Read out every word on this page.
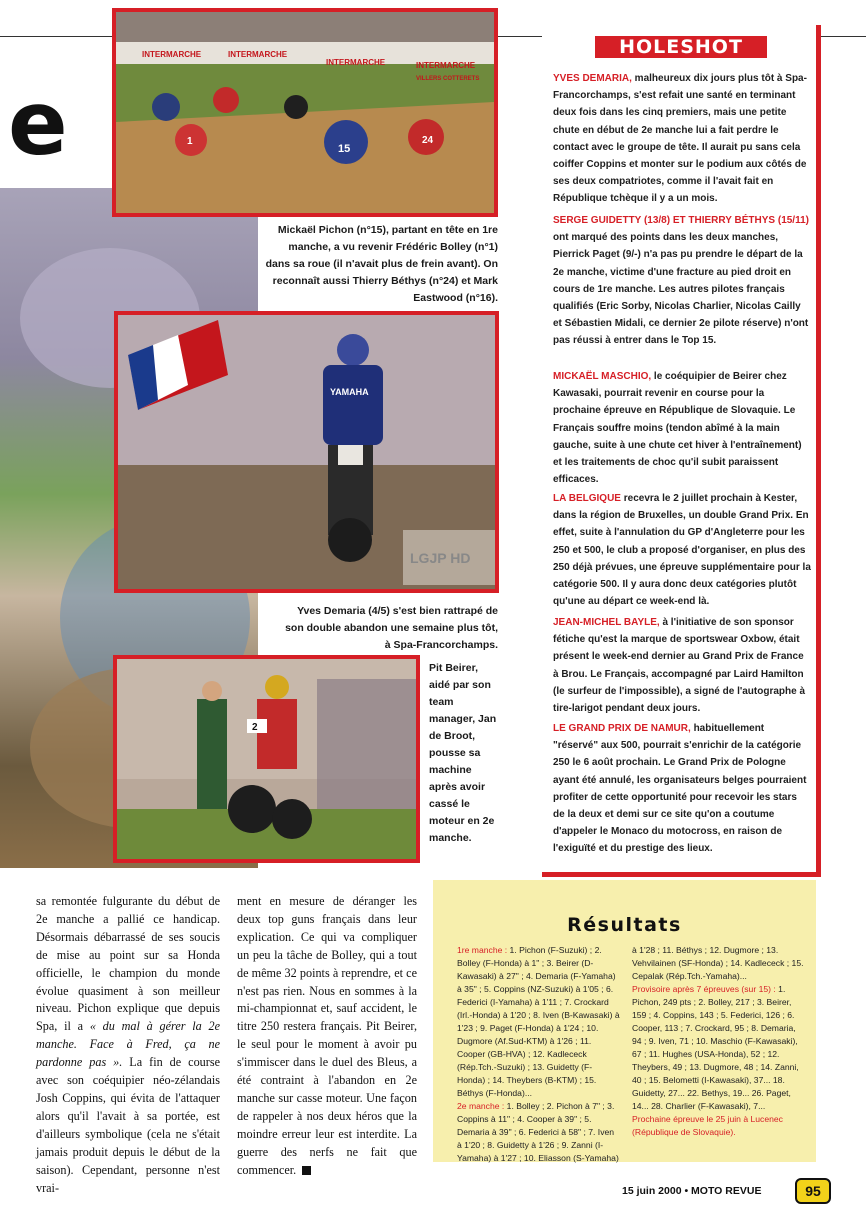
e
INTERMARCHE	INTERMARCHE
INTERMARCHE	INTERMARCHE
VILLERS COTTERETS
15
24
1
Mickaël Pichon (n°15), partant en tête en 1re manche, a vu revenir Frédéric Bolley (n°1) dans sa roue (il n'avait plus de frein avant). On reconnaît aussi Thierry Béthys (n°24) et Mark Eastwood (n°16).
YAMAHA
LGJP HD
Yves Demaria (4/5) s'est bien rattrapé de son double abandon une semaine plus tôt, à Spa-Francorchamps.
2
Pit Beirer, aidé par son team manager, Jan de Broot, pousse sa machine après avoir cassé le moteur en 2e manche.
HOLESHOT
YVES DEMARIA, malheureux dix jours plus tôt à Spa-Francorchamps, s'est refait une santé en terminant deux fois dans les cinq premiers, mais une petite chute en début de 2e manche lui a fait perdre le contact avec le groupe de tête. Il aurait pu sans cela coiffer Coppins et monter sur le podium aux côtés de ses deux compatriotes, comme il l'avait fait en République tchèque il y a un mois.
SERGE GUIDETTY (13/8) ET THIERRY BÉTHYS (15/11) ont marqué des points dans les deux manches, Pierrick Paget (9/-) n'a pas pu prendre le départ de la 2e manche, victime d'une fracture au pied droit en cours de 1re manche. Les autres pilotes français qualifiés (Eric Sorby, Nicolas Charlier, Nicolas Cailly et Sébastien Midali, ce dernier 2e pilote réserve) n'ont pas réussi à entrer dans le Top 15.
MICKAËL MASCHIO, le coéquipier de Beirer chez Kawasaki, pourrait revenir en course pour la prochaine épreuve en République de Slovaquie. Le Français souffre moins (tendon abîmé à la main gauche, suite à une chute cet hiver à l'entraînement) et les traitements de choc qu'il subit paraissent efficaces.
LA BELGIQUE recevra le 2 juillet prochain à Kester, dans la région de Bruxelles, un double Grand Prix. En effet, suite à l'annulation du GP d'Angleterre pour les 250 et 500, le club a proposé d'organiser, en plus des 250 déjà prévues, une épreuve supplémentaire pour la catégorie 500. Il y aura donc deux catégories plutôt qu'une au départ ce week-end là.
JEAN-MICHEL BAYLE, à l'initiative de son sponsor fétiche qu'est la marque de sportswear Oxbow, était présent le week-end dernier au Grand Prix de France à Brou. Le Français, accompagné par Laird Hamilton (le surfeur de l'impossible), a signé de l'autographe à tire-larigot pendant deux jours.
LE GRAND PRIX DE NAMUR, habituellement "réservé" aux 500, pourrait s'enrichir de la catégorie 250 le 6 août prochain. Le Grand Prix de Pologne ayant été annulé, les organisateurs belges pourraient profiter de cette opportunité pour recevoir les stars de la deux et demi sur ce site qu'on a coutume d'appeler le Monaco du motocross, en raison de l'exiguïté et du prestige des lieux.
sa remontée fulgurante du début de 2e manche a pallié ce handicap. Désormais débarrassé de ses soucis de mise au point sur sa Honda officielle, le champion du monde évolue quasiment à son meilleur niveau. Pichon explique que depuis Spa, il a « du mal à gérer la 2e manche. Face à Fred, ça ne pardonne pas ». La fin de course avec son coéquipier néo-zélandais Josh Coppins, qui évita de l'attaquer alors qu'il l'avait à sa portée, est d'ailleurs symbolique (cela ne s'était jamais produit depuis le début de la saison). Cependant, personne n'est vrai-
ment en mesure de déranger les deux top guns français dans leur explication. Ce qui va compliquer un peu la tâche de Bolley, qui a tout de même 32 points à reprendre, et ce n'est pas rien. Nous en sommes à la mi-championnat et, sauf accident, le titre 250 restera français. Pit Beirer, le seul pour le moment à avoir pu s'immiscer dans le duel des Bleus, a été contraint à l'abandon en 2e manche sur casse moteur. Une façon de rappeler à nos deux héros que la moindre erreur leur est interdite. La guerre des nerfs ne fait que commencer.
Résultats
1re manche : 1. Pichon (F-Suzuki) ; 2. Bolley (F-Honda) à 1" ; 3. Beirer (D-Kawasaki) à 27" ; 4. Demaria (F-Yamaha) à 35" ; 5. Coppins (NZ-Suzuki) à 1'05 ; 6. Federici (I-Yamaha) à 1'11 ; 7. Crockard (Irl.-Honda) à 1'20 ; 8. Iven (B-Kawasaki) à 1'23 ; 9. Paget (F-Honda) à 1'24 ; 10. Dugmore (Af.Sud-KTM) à 1'26 ; 11. Cooper (GB-HVA) ; 12. Kadlececk (Rép.Tch.-Suzuki) ; 13. Guidetty (F-Honda) ; 14. Theybers (B-KTM) ; 15. Béthys (F-Honda)...
2e manche : 1. Bolley ; 2. Pichon à 7" ; 3. Coppins à 11" ; 4. Cooper à 39" ; 5. Demaria à 39" ; 6. Federici à 58" ; 7. Iven à 1'20 ; 8. Guidetty à 1'26 ; 9. Zanni (I-Yamaha) à 1'27 ; 10. Eliasson (S-Yamaha)
à 1'28 ; 11. Béthys ; 12. Dugmore ; 13. Vehvilainen (SF-Honda) ; 14. Kadlececk ; 15. Cepalak (Rép.Tch.-Yamaha)...
Provisoire après 7 épreuves (sur 15) : 1. Pichon, 249 pts ; 2. Bolley, 217 ; 3. Beirer, 159 ; 4. Coppins, 143 ; 5. Federici, 126 ; 6. Cooper, 113 ; 7. Crockard, 95 ; 8. Demaria, 94 ; 9. Iven, 71 ; 10. Maschio (F-Kawasaki), 67 ; 11. Hughes (USA-Honda), 52 ; 12. Theybers, 49 ; 13. Dugmore, 48 ; 14. Zanni, 40 ; 15. Belometti (I-Kawasaki), 37... 18. Guidetty, 27... 22. Bethys, 19... 26. Paget, 14... 28. Charlier (F-Kawasaki), 7...
Prochaine épreuve le 25 juin à Lucenec (République de Slovaquie).
15 juin 2000 • MOTO REVUE	95
